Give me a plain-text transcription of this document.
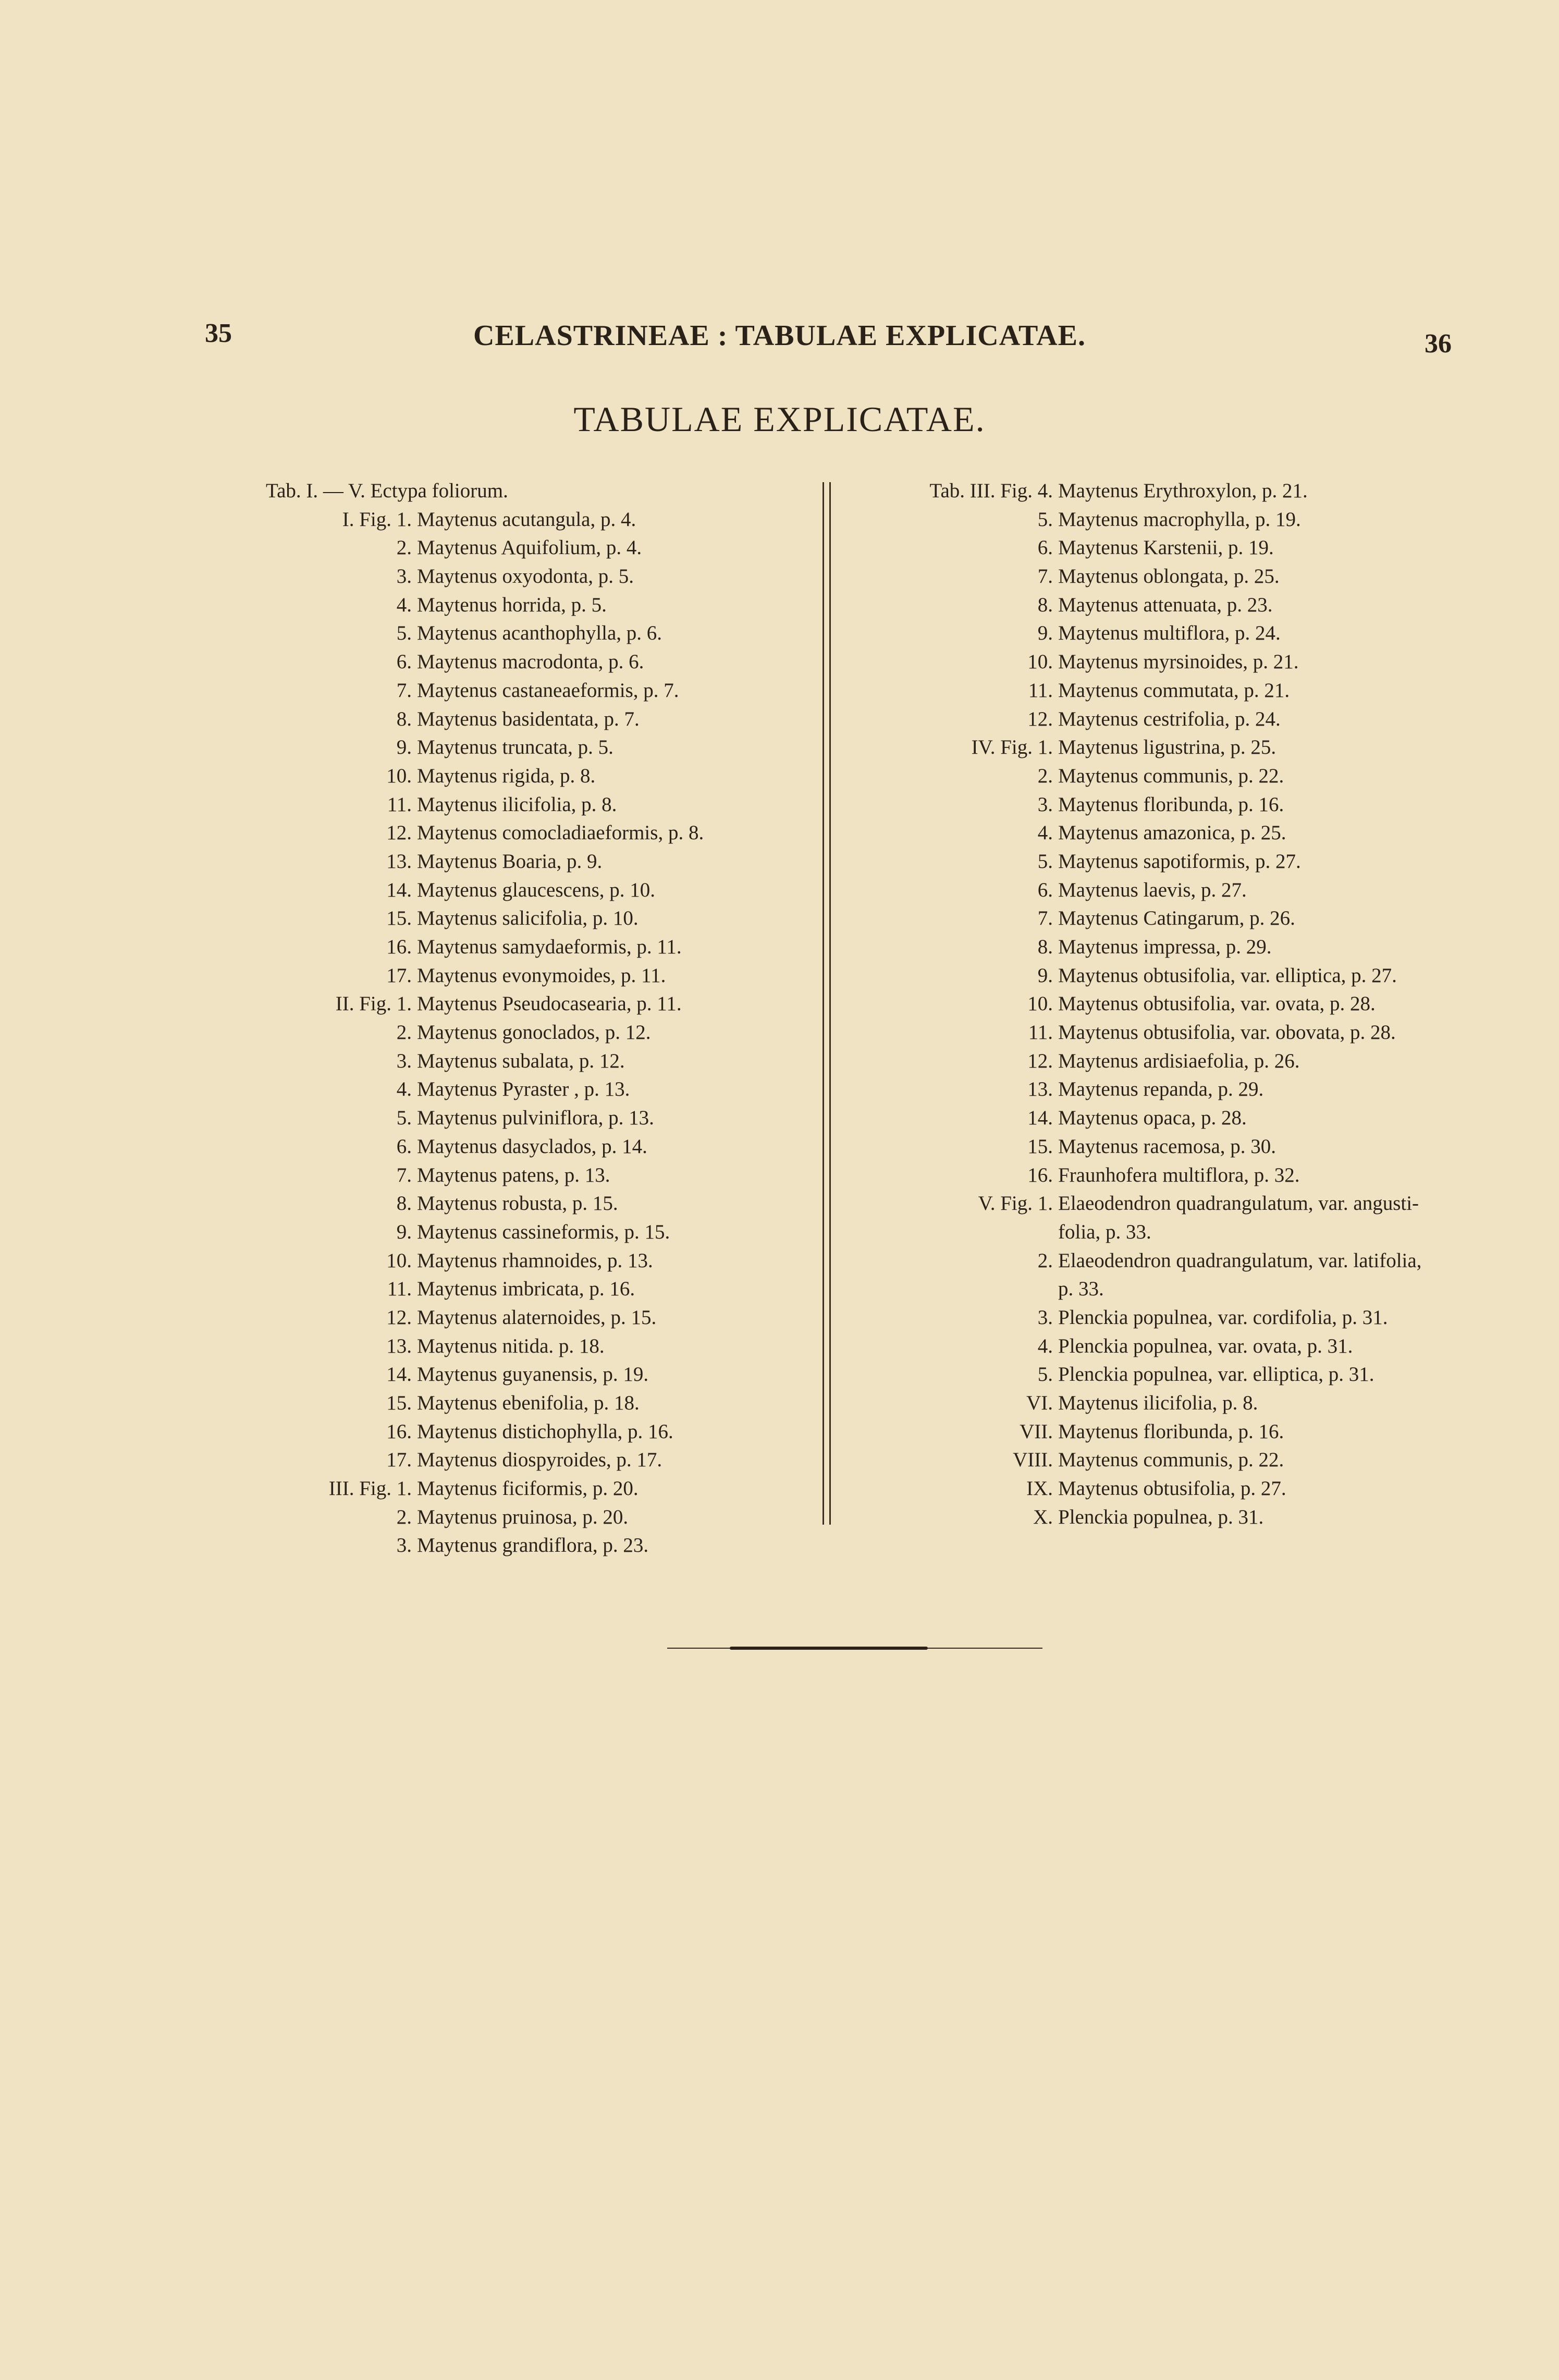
35	CELASTRINEAE : TABULAE EXPLICATAE.	36
TABULAE EXPLICATAE.
Tab. I. — V. Ectypa foliorum.
I. Fig. 1. Maytenus acutangula, p. 4.
2. Maytenus Aquifolium, p. 4.
3. Maytenus oxyodonta, p. 5.
4. Maytenus horrida, p. 5.
5. Maytenus acanthophylla, p. 6.
6. Maytenus macrodonta, p. 6.
7. Maytenus castaneaeformis, p. 7.
8. Maytenus basidentata, p. 7.
9. Maytenus truncata, p. 5.
10. Maytenus rigida, p. 8.
11. Maytenus ilicifolia, p. 8.
12. Maytenus comocladiaeformis, p. 8.
13. Maytenus Boaria, p. 9.
14. Maytenus glaucescens, p. 10.
15. Maytenus salicifolia, p. 10.
16. Maytenus samydaeformis, p. 11.
17. Maytenus evonymoides, p. 11.
II. Fig. 1. Maytenus Pseudocasearia, p. 11.
2. Maytenus gonoclados, p. 12.
3. Maytenus subalata, p. 12.
4. Maytenus Pyraster , p. 13.
5. Maytenus pulviniflora, p. 13.
6. Maytenus dasyclados, p. 14.
7. Maytenus patens, p. 13.
8. Maytenus robusta, p. 15.
9. Maytenus cassineformis, p. 15.
10. Maytenus rhamnoides, p. 13.
11. Maytenus imbricata, p. 16.
12. Maytenus alaternoides, p. 15.
13. Maytenus nitida. p. 18.
14. Maytenus guyanensis, p. 19.
15. Maytenus ebenifolia, p. 18.
16. Maytenus distichophylla, p. 16.
17. Maytenus diospyroides, p. 17.
III. Fig. 1. Maytenus ficiformis, p. 20.
2. Maytenus pruinosa, p. 20.
3. Maytenus grandiflora, p. 23.
Tab. III. Fig. 4. Maytenus Erythroxylon, p. 21.
5. Maytenus macrophylla, p. 19.
6. Maytenus Karstenii, p. 19.
7. Maytenus oblongata, p. 25.
8. Maytenus attenuata, p. 23.
9. Maytenus multiflora, p. 24.
10. Maytenus myrsinoides, p. 21.
11. Maytenus commutata, p. 21.
12. Maytenus cestrifolia, p. 24.
IV. Fig. 1. Maytenus ligustrina, p. 25.
2. Maytenus communis, p. 22.
3. Maytenus floribunda, p. 16.
4. Maytenus amazonica, p. 25.
5. Maytenus sapotiformis, p. 27.
6. Maytenus laevis, p. 27.
7. Maytenus Catingarum, p. 26.
8. Maytenus impressa, p. 29.
9. Maytenus obtusifolia, var. elliptica, p. 27.
10. Maytenus obtusifolia, var. ovata, p. 28.
11. Maytenus obtusifolia, var. obovata, p. 28.
12. Maytenus ardisiaefolia, p. 26.
13. Maytenus repanda, p. 29.
14. Maytenus opaca, p. 28.
15. Maytenus racemosa, p. 30.
16. Fraunhofera multiflora, p. 32.
V. Fig. 1. Elaeodendron quadrangulatum, var. angusti-
folia, p. 33.
2. Elaeodendron quadrangulatum, var. latifolia,
p. 33.
3. Plenckia populnea, var. cordifolia, p. 31.
4. Plenckia populnea, var. ovata, p. 31.
5. Plenckia populnea, var. elliptica, p. 31.
VI. Maytenus ilicifolia, p. 8.
VII. Maytenus floribunda, p. 16.
VIII. Maytenus communis, p. 22.
IX. Maytenus obtusifolia, p. 27.
X. Plenckia populnea, p. 31.
